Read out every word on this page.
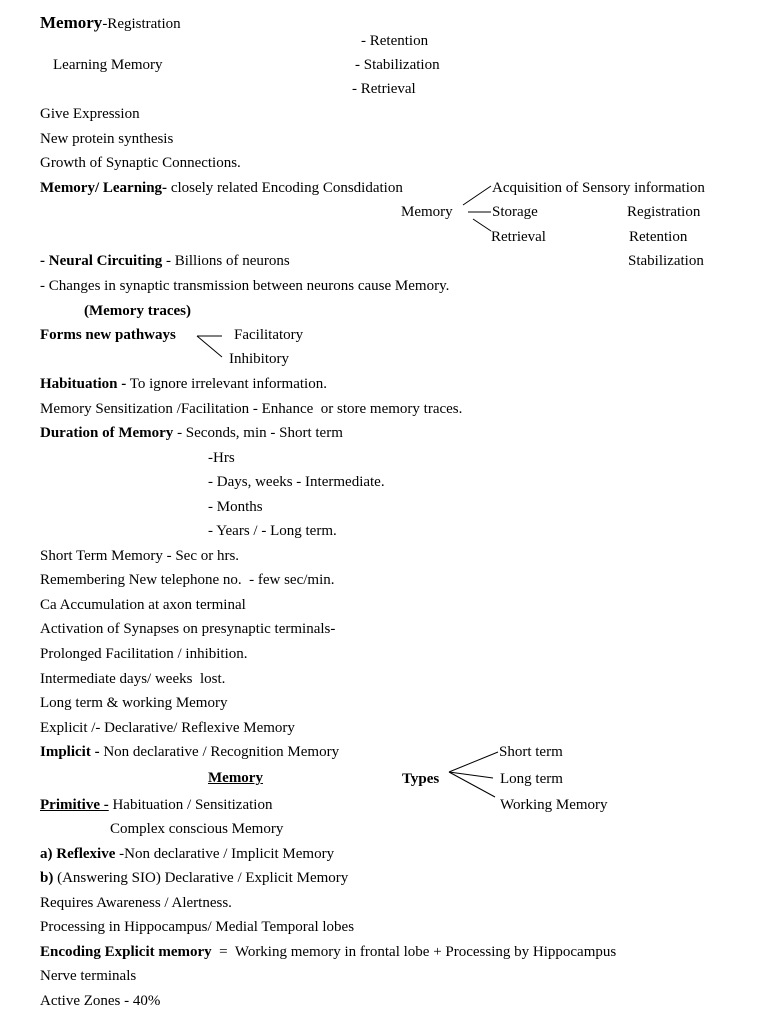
Memory-Registration
- Retention
Learning Memory	- Stabilization
- Retrieval
Give Expression
New protein synthesis
Growth of Synaptic Connections.
Memory/ Learning- closely related Encoding Consdidation	Acquisition of Sensory information
Memory	Storage	Registration
Retrieval	Retention
- Neural Circuiting - Billions of neurons	Stabilization
- Changes in synaptic transmission between neurons cause Memory.
(Memory traces)
Forms new pathways	Facilitatory
Inhibitory
Habituation - To ignore irrelevant information.
Memory Sensitization /Facilitation - Enhance  or store memory traces.
Duration of Memory - Seconds, min - Short term
-Hrs
- Days, weeks - Intermediate.
- Months
- Years / - Long term.
Short Term Memory - Sec or hrs.
Remembering New telephone no.  - few sec/min.
Ca Accumulation at axon terminal
Activation of Synapses on presynaptic terminals-
Prolonged Facilitation / inhibition.
Intermediate days/ weeks  lost.
Long term & working Memory
Explicit /- Declarative/ Reflexive Memory
Implicit - Non declarative / Recognition Memory	Short term
Memory	Types	Long term
Primitive - Habituation / Sensitization	Working Memory
Complex conscious Memory
a) Reflexive -Non declarative / Implicit Memory
b) (Answering SIO) Declarative / Explicit Memory
Requires Awareness / Alertness.
Processing in Hippocampus/ Medial Temporal lobes
Encoding Explicit memory  =  Working memory in frontal lobe + Processing by Hippocampus
Nerve terminals
Active Zones - 40%
